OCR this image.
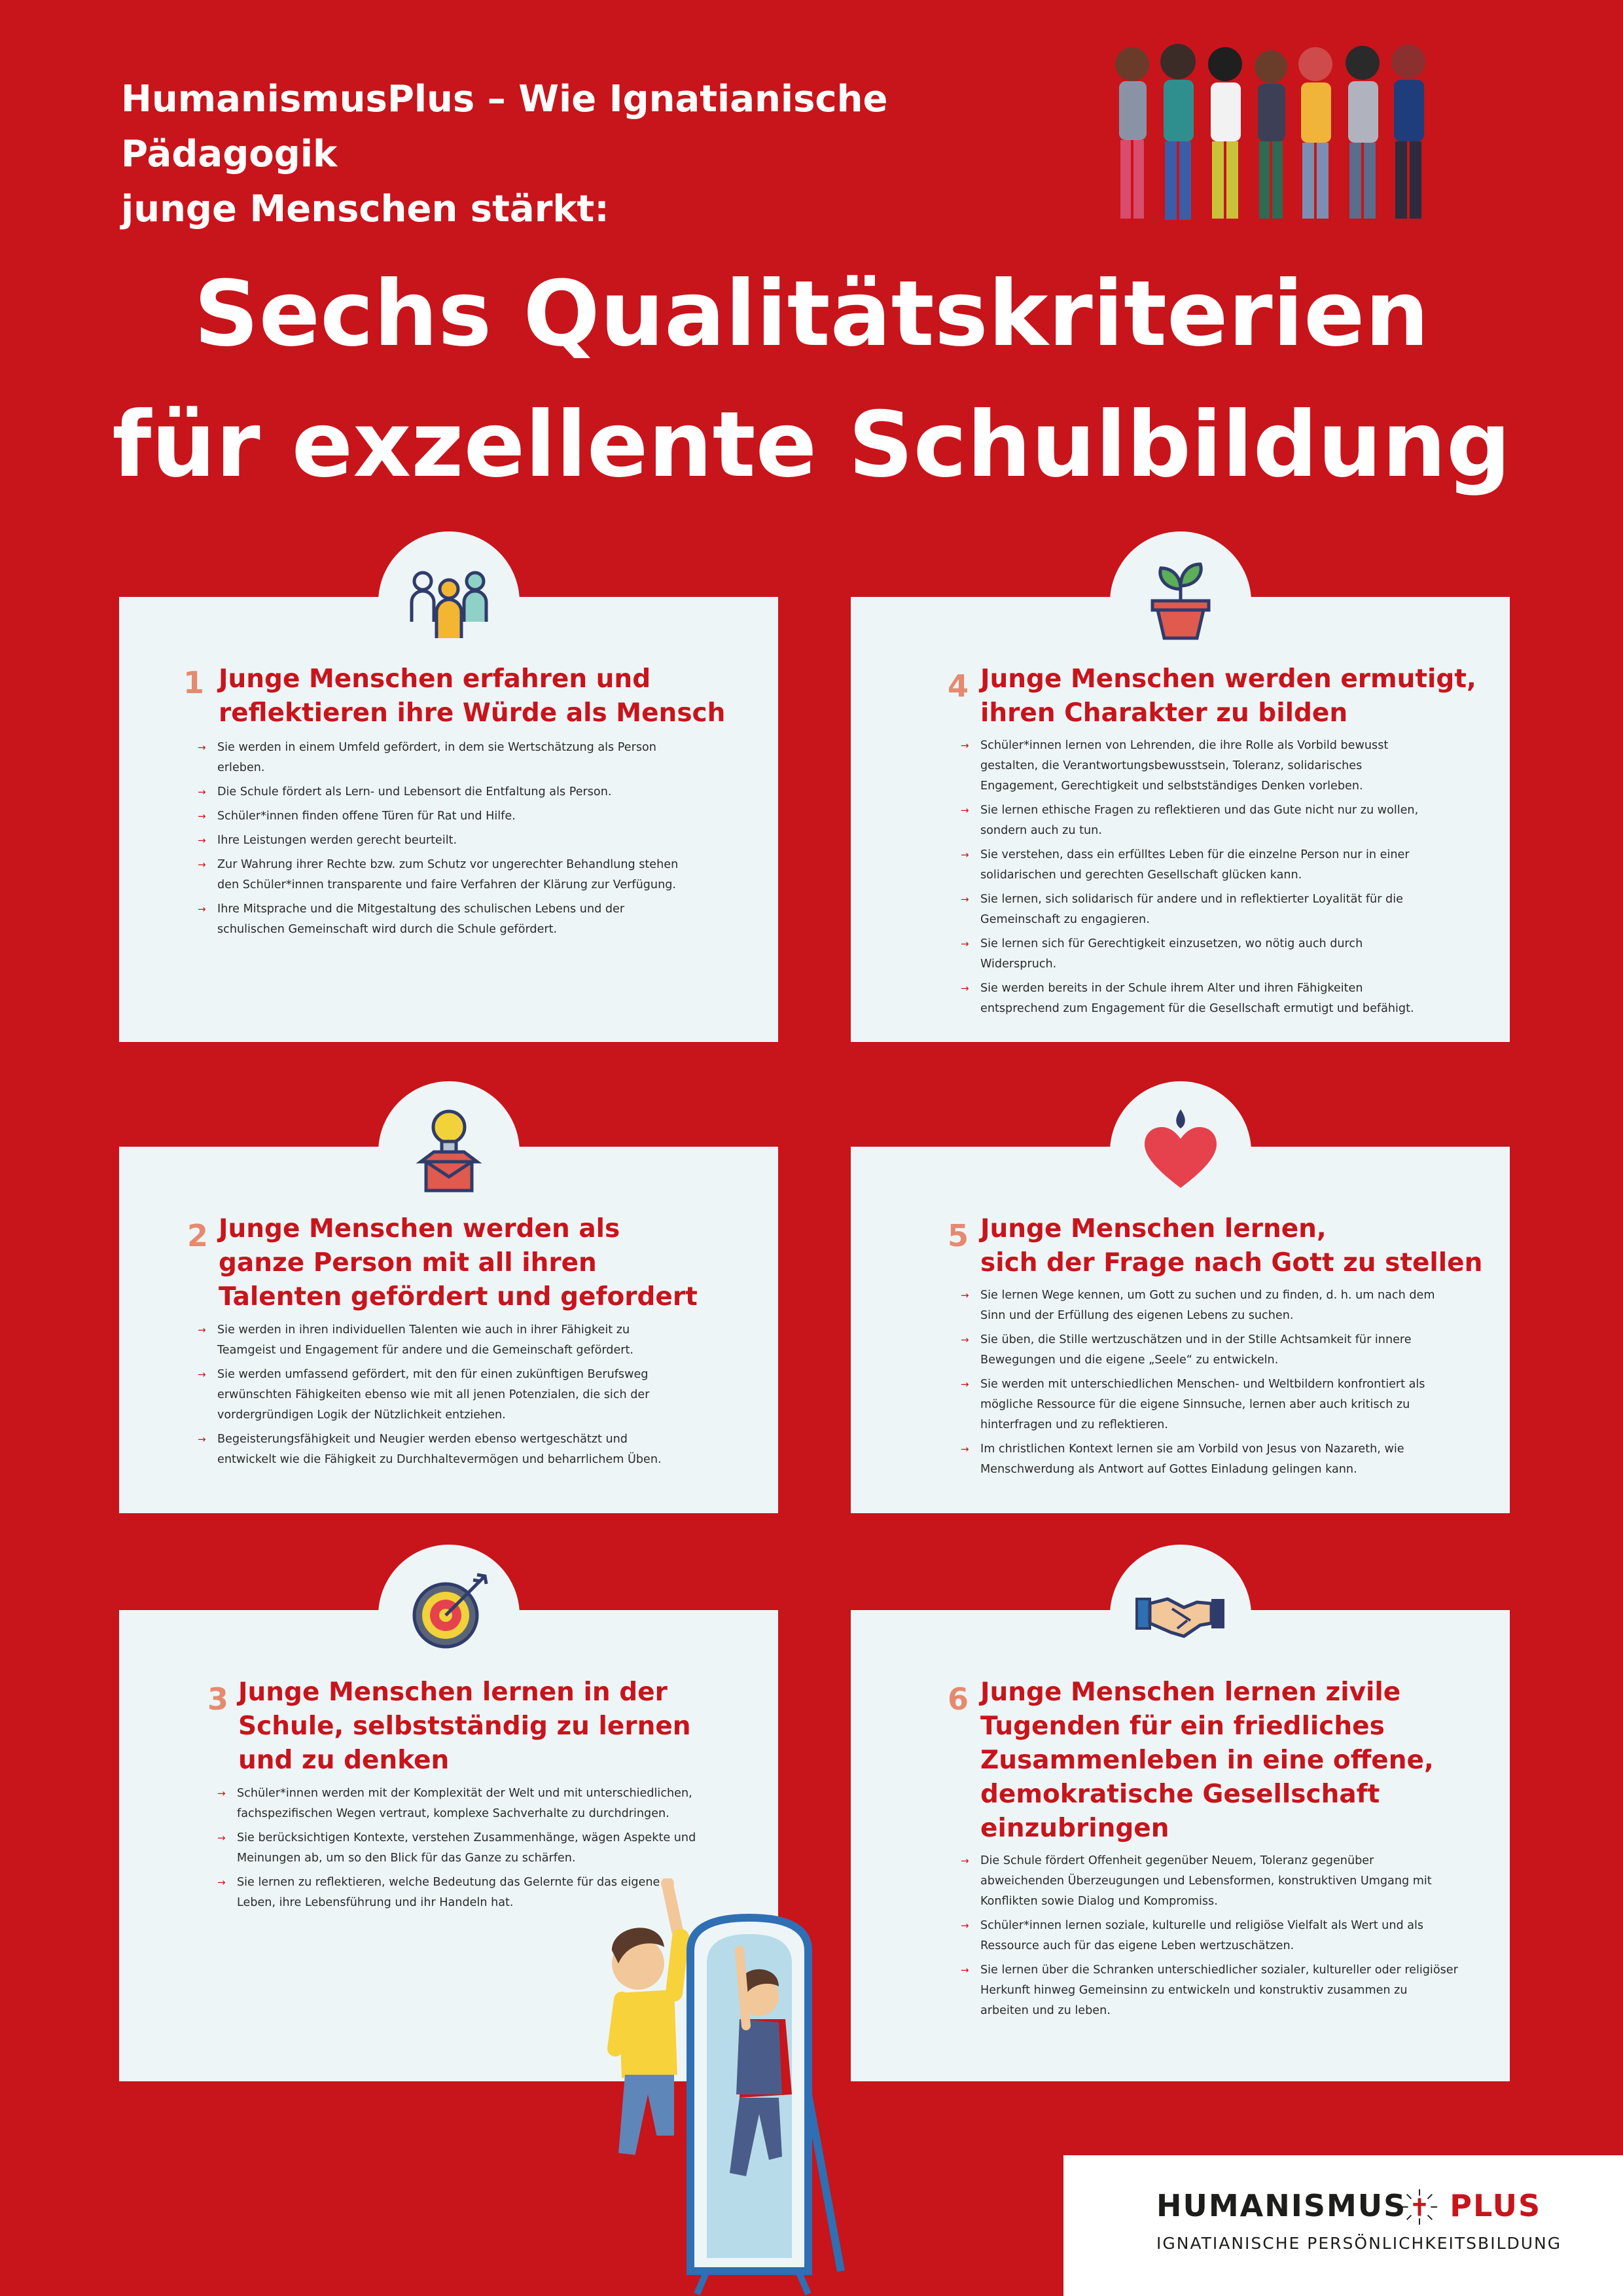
HumanismusPlus – Wie Ignatianische Pädagogik
junge Menschen stärkt:
Sechs Qualitätskriterien
für exzellente Schulbildung
1 Junge Menschen erfahren und
reflektieren ihre Würde als Mensch
→ Sie werden in einem Umfeld gefördert, in dem sie Wertschätzung als Person erleben.
→ Die Schule fördert als Lern- und Lebensort die Entfaltung als Person.
→ Schüler*innen finden offene Türen für Rat und Hilfe.
→ Ihre Leistungen werden gerecht beurteilt.
→ Zur Wahrung ihrer Rechte bzw. zum Schutz vor ungerechter Behandlung stehen den Schüler*innen transparente und faire Verfahren der Klärung zur Verfügung.
→ Ihre Mitsprache und die Mitgestaltung des schulischen Lebens und der schulischen Gemeinschaft wird durch die Schule gefördert.
4 Junge Menschen werden ermutigt,
ihren Charakter zu bilden
→ Schüler*innen lernen von Lehrenden, die ihre Rolle als Vorbild bewusst gestalten, die Verantwortungsbewusstsein, Toleranz, solidarisches Engagement, Gerechtigkeit und selbstständiges Denken vorleben.
→ Sie lernen ethische Fragen zu reflektieren und das Gute nicht nur zu wollen, sondern auch zu tun.
→ Sie verstehen, dass ein erfülltes Leben für die einzelne Person nur in einer solidarischen und gerechten Gesellschaft glücken kann.
→ Sie lernen, sich solidarisch für andere und in reflektierter Loyalität für die Gemeinschaft zu engagieren.
→ Sie lernen sich für Gerechtigkeit einzusetzen, wo nötig auch durch Widerspruch.
→ Sie werden bereits in der Schule ihrem Alter und ihren Fähigkeiten entsprechend zum Engagement für die Gesellschaft ermutigt und befähigt.
2 Junge Menschen werden als
ganze Person mit all ihren
Talenten gefördert und gefordert
→ Sie werden in ihren individuellen Talenten wie auch in ihrer Fähigkeit zu Teamgeist und Engagement für andere und die Gemeinschaft gefördert.
→ Sie werden umfassend gefördert, mit den für einen zukünftigen Berufsweg erwünschten Fähigkeiten ebenso wie mit all jenen Potenzialen, die sich der vordergründigen Logik der Nützlichkeit entziehen.
→ Begeisterungsfähigkeit und Neugier werden ebenso wertgeschätzt und entwickelt wie die Fähigkeit zu Durchhaltevermögen und beharrlichem Üben.
5 Junge Menschen lernen,
sich der Frage nach Gott zu stellen
→ Sie lernen Wege kennen, um Gott zu suchen und zu finden, d. h. um nach dem Sinn und der Erfüllung des eigenen Lebens zu suchen.
→ Sie üben, die Stille wertzuschätzen und in der Stille Achtsamkeit für innere Bewegungen und die eigene „Seele“ zu entwickeln.
→ Sie werden mit unterschiedlichen Menschen- und Weltbildern konfrontiert als mögliche Ressource für die eigene Sinnsuche, lernen aber auch kritisch zu hinterfragen und zu reflektieren.
→ Im christlichen Kontext lernen sie am Vorbild von Jesus von Nazareth, wie Menschwerdung als Antwort auf Gottes Einladung gelingen kann.
3 Junge Menschen lernen in der
Schule, selbstständig zu lernen
und zu denken
→ Schüler*innen werden mit der Komplexität der Welt und mit unterschiedlichen, fachspezifischen Wegen vertraut, komplexe Sachverhalte zu durchdringen.
→ Sie berücksichtigen Kontexte, verstehen Zusammenhänge, wägen Aspekte und Meinungen ab, um so den Blick für das Ganze zu schärfen.
→ Sie lernen zu reflektieren, welche Bedeutung das Gelernte für das eigene Leben, ihre Lebensführung und ihr Handeln hat.
6 Junge Menschen lernen zivile
Tugenden für ein friedliches
Zusammenleben in eine offene,
demokratische Gesellschaft
einzubringen
→ Die Schule fördert Offenheit gegenüber Neuem, Toleranz gegenüber abweichenden Überzeugungen und Lebensformen, konstruktiven Umgang mit Konflikten sowie Dialog und Kompromiss.
→ Schüler*innen lernen soziale, kulturelle und religiöse Vielfalt als Wert und als Ressource auch für das eigene Leben wertzuschätzen.
→ Sie lernen über die Schranken unterschiedlicher sozialer, kultureller oder religiöser Herkunft hinweg Gemeinsinn zu entwickeln und konstruktiv zusammen zu arbeiten und zu leben.
HUMANISMUS PLUS
IGNATIANISCHE PERSÖNLICHKEITSBILDUNG
